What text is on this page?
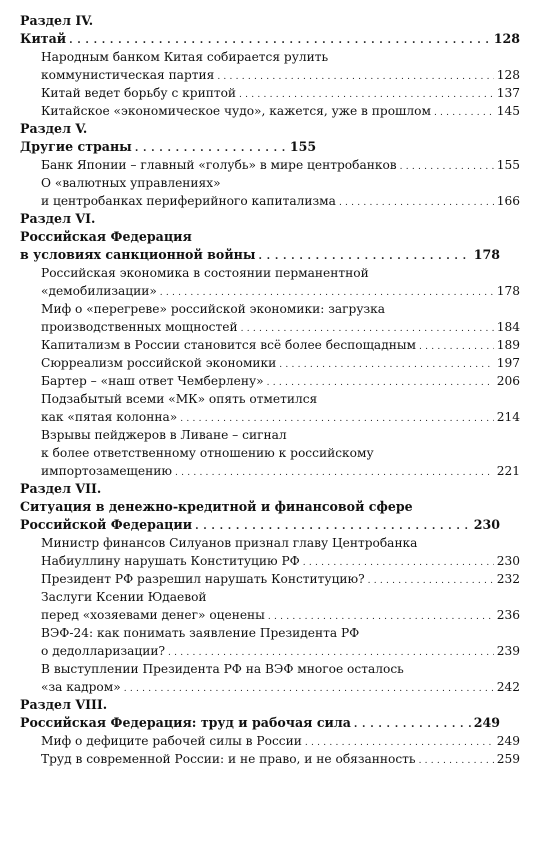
Раздел IV.
Китай . . .	128
Народным банком Китая собирается рулить
коммунистическая партия . . .	128
Китай ведет борьбу с криптой . . .	137
Китайское «экономическое чудо», кажется, уже в прошлом . . .	145
Раздел V.
Другие страны . . .	155
Банк Японии – главный «голубь» в мире центробанков . . .	155
О «валютных управлениях»
и центробанках периферийного капитализма . . .	166
Раздел VI.
Российская Федерация
в условиях санкционной войны . . .	178
Российская экономика в состоянии перманентной
«демобилизации» . . .	178
Миф о «перегреве» российской экономики: загрузка
производственных мощностей . . .	184
Капитализм в России становится всё более беспощадным . . .	189
Сюрреализм российской экономики . . .	197
Бартер – «наш ответ Чемберлену» . . .	206
Подзабытый всеми «МК» опять отметился
как «пятая колонна» . . .	214
Взрывы пейджеров в Ливане – сигнал
к более ответственному отношению к российскому
импортозамещению . . .	221
Раздел VII.
Ситуация в денежно-кредитной и финансовой сфере
Российской Федерации . . .	230
Министр финансов Силуанов признал главу Центробанка
Набиуллину нарушать Конституцию РФ . . .	230
Президент РФ разрешил нарушать Конституцию? . . .	232
Заслуги Ксении Юдаевой
перед «хозяевами денег» оценены . . .	236
ВЭФ-24: как понимать заявление Президента РФ
о дедолларизации? . . .	239
В выступлении Президента РФ на ВЭФ многое осталось
«за кадром» . . .	242
Раздел VIII.
Российская Федерация: труд и рабочая сила . . .	249
Миф о дефиците рабочей силы в России . . .	249
Труд в современной России: и не право, и не обязанность . . .	259
